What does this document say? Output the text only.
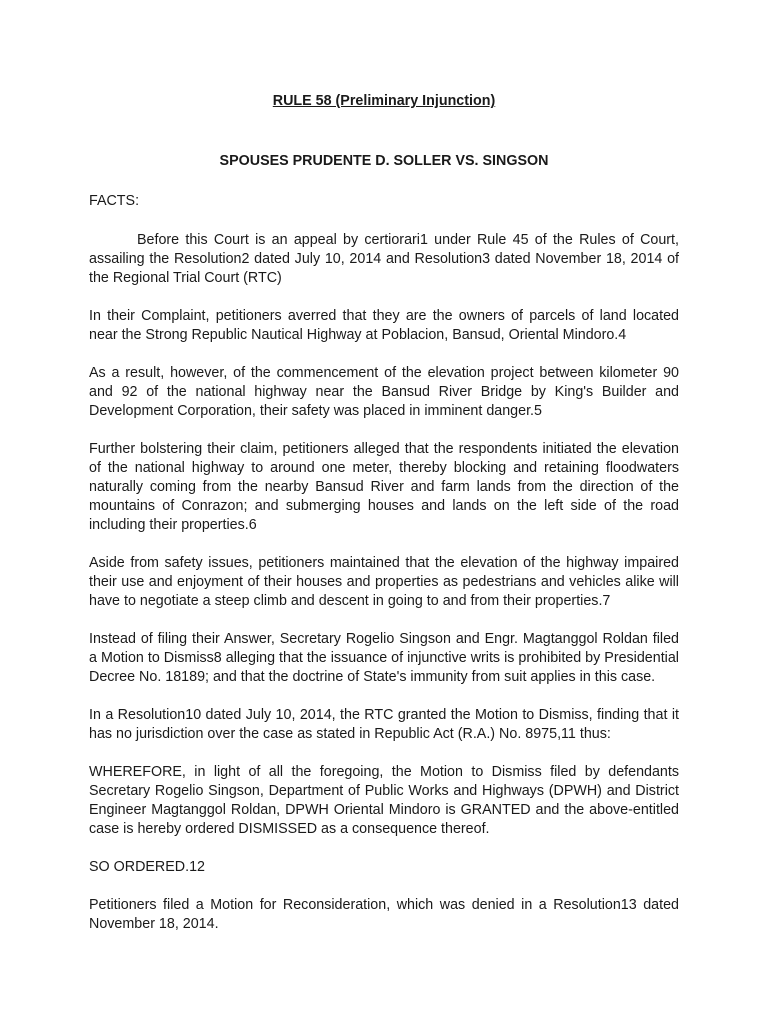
RULE 58 (Preliminary Injunction)

SPOUSES PRUDENTE D. SOLLER VS. SINGSON

FACTS:

Before this Court is an appeal by certiorari1 under Rule 45 of the Rules of Court, assailing the Resolution2 dated July 10, 2014 and Resolution3 dated November 18, 2014 of the Regional Trial Court (RTC)

In their Complaint, petitioners averred that they are the owners of parcels of land located near the Strong Republic Nautical Highway at Poblacion, Bansud, Oriental Mindoro.4

As a result, however, of the commencement of the elevation project between kilometer 90 and 92 of the national highway near the Bansud River Bridge by King's Builder and Development Corporation, their safety was placed in imminent danger.5

Further bolstering their claim, petitioners alleged that the respondents initiated the elevation of the national highway to around one meter, thereby blocking and retaining floodwaters naturally coming from the nearby Bansud River and farm lands from the direction of the mountains of Conrazon; and submerging houses and lands on the left side of the road including their properties.6

Aside from safety issues, petitioners maintained that the elevation of the highway impaired their use and enjoyment of their houses and properties as pedestrians and vehicles alike will have to negotiate a steep climb and descent in going to and from their properties.7

Instead of filing their Answer, Secretary Rogelio Singson and Engr. Magtanggol Roldan filed a Motion to Dismiss8 alleging that the issuance of injunctive writs is prohibited by Presidential Decree No. 18189; and that the doctrine of State's immunity from suit applies in this case.

In a Resolution10 dated July 10, 2014, the RTC granted the Motion to Dismiss, finding that it has no jurisdiction over the case as stated in Republic Act (R.A.) No. 8975,11 thus:

WHEREFORE, in light of all the foregoing, the Motion to Dismiss filed by defendants Secretary Rogelio Singson, Department of Public Works and Highways (DPWH) and District Engineer Magtanggol Roldan, DPWH Oriental Mindoro is GRANTED and the above-entitled case is hereby ordered DISMISSED as a consequence thereof.

SO ORDERED.12

Petitioners filed a Motion for Reconsideration, which was denied in a Resolution13 dated November 18, 2014.
